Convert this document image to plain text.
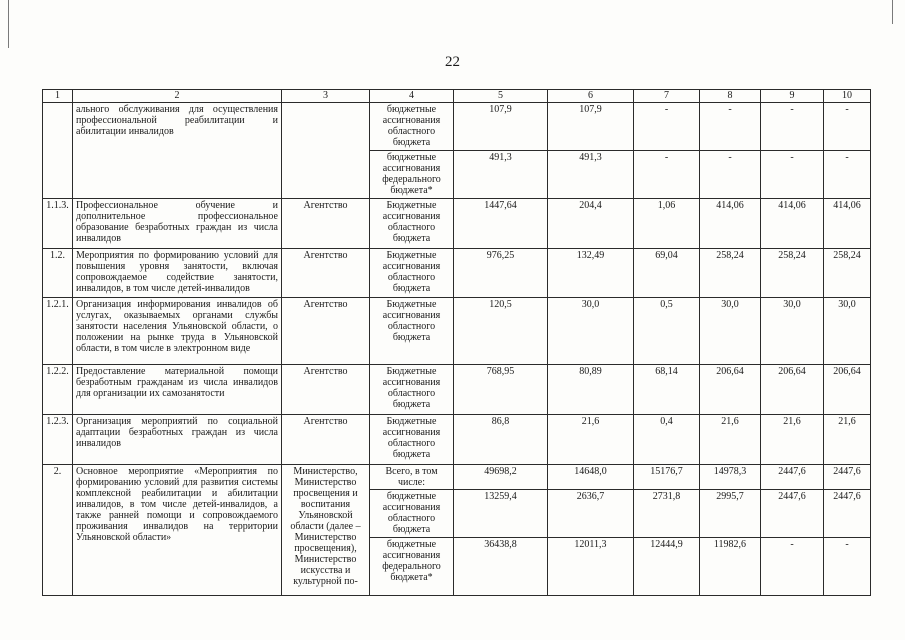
22
1	2	3	4	5	6	7	8	9	10
	ального обслуживания для осуществления профессиональной реабилитации и абилитации инвалидов		бюджетные ассигнования областного бюджета	107,9	107,9	-	-	-	-
			бюджетные ассигнования федерального бюджета*	491,3	491,3	-	-	-	-
1.1.3.	Профессиональное обучение и дополнительное профессиональное образование безработных граждан из числа инвалидов	Агентство	Бюджетные ассигнования областного бюджета	1447,64	204,4	1,06	414,06	414,06	414,06
1.2.	Мероприятия по формированию условий для повышения уровня занятости, включая сопровождаемое содействие занятости, инвалидов, в том числе детей-инвалидов	Агентство	Бюджетные ассигнования областного бюджета	976,25	132,49	69,04	258,24	258,24	258,24
1.2.1.	Организация информирования инвалидов об услугах, оказываемых органами службы занятости населения Ульяновской области, о положении на рынке труда в Ульяновской области, в том числе в электронном виде	Агентство	Бюджетные ассигнования областного бюджета	120,5	30,0	0,5	30,0	30,0	30,0
1.2.2.	Предоставление материальной помощи безработным гражданам из числа инвалидов для организации их самозанятости	Агентство	Бюджетные ассигнования областного бюджета	768,95	80,89	68,14	206,64	206,64	206,64
1.2.3.	Организация мероприятий по социальной адаптации безработных граждан из числа инвалидов	Агентство	Бюджетные ассигнования областного бюджета	86,8	21,6	0,4	21,6	21,6	21,6
2.	Основное мероприятие «Мероприятия по формированию условий для развития системы комплексной реабилитации и абилитации инвалидов, в том числе детей-инвалидов, а также ранней помощи и сопровождаемого проживания инвалидов на территории Ульяновской области»	Министерство, Министерство просвещения и воспитания Ульяновской области (далее – Министерство просвещения), Министерство искусства и культурной по-	Всего, в том числе:	49698,2	14648,0	15176,7	14978,3	2447,6	2447,6
			бюджетные ассигнования областного бюджета	13259,4	2636,7	2731,8	2995,7	2447,6	2447,6
			бюджетные ассигнования федерального бюджета*	36438,8	12011,3	12444,9	11982,6	-	-
